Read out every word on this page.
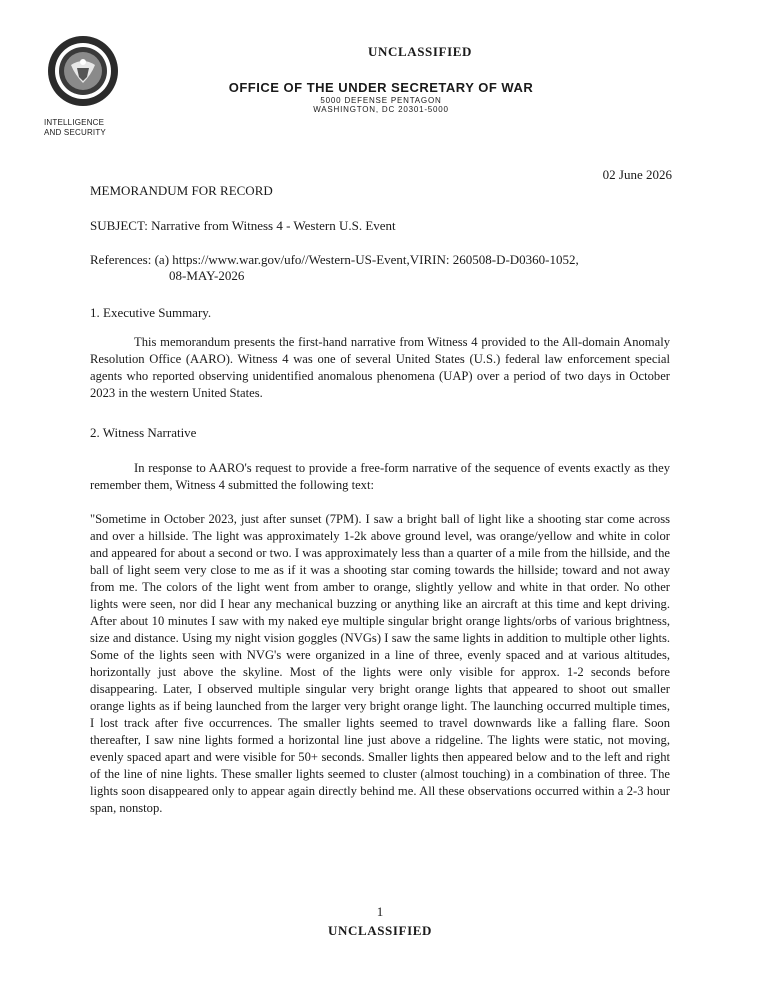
INTELLIGENCE
AND SECURITY
UNCLASSIFIED
OFFICE OF THE UNDER SECRETARY OF WAR
5000 DEFENSE PENTAGON
WASHINGTON, DC 20301-5000
02 June 2026
MEMORANDUM FOR RECORD
SUBJECT: Narrative from Witness 4 - Western U.S. Event
References: (a) https://www.war.gov/ufo//Western-US-Event,VIRIN: 260508-D-D0360-1052,
08-MAY-2026
1. Executive Summary.
This memorandum presents the first-hand narrative from Witness 4 provided to the All-domain Anomaly Resolution Office (AARO). Witness 4 was one of several United States (U.S.) federal law enforcement special agents who reported observing unidentified anomalous phenomena (UAP) over a period of two days in October 2023 in the western United States.
2. Witness Narrative
In response to AARO's request to provide a free-form narrative of the sequence of events exactly as they remember them, Witness 4 submitted the following text:
"Sometime in October 2023, just after sunset (7PM). I saw a bright ball of light like a shooting star come across and over a hillside. The light was approximately 1-2k above ground level, was orange/yellow and white in color and appeared for about a second or two. I was approximately less than a quarter of a mile from the hillside, and the ball of light seem very close to me as if it was a shooting star coming towards the hillside; toward and not away from me. The colors of the light went from amber to orange, slightly yellow and white in that order. No other lights were seen, nor did I hear any mechanical buzzing or anything like an aircraft at this time and kept driving. After about 10 minutes I saw with my naked eye multiple singular bright orange lights/orbs of various brightness, size and distance. Using my night vision goggles (NVGs) I saw the same lights in addition to multiple other lights. Some of the lights seen with NVG's were organized in a line of three, evenly spaced and at various altitudes, horizontally just above the skyline. Most of the lights were only visible for approx. 1-2 seconds before disappearing. Later, I observed multiple singular very bright orange lights that appeared to shoot out smaller orange lights as if being launched from the larger very bright orange light. The launching occurred multiple times, I lost track after five occurrences. The smaller lights seemed to travel downwards like a falling flare. Soon thereafter, I saw nine lights formed a horizontal line just above a ridgeline. The lights were static, not moving, evenly spaced apart and were visible for 50+ seconds. Smaller lights then appeared below and to the left and right of the line of nine lights. These smaller lights seemed to cluster (almost touching) in a combination of three. The lights soon disappeared only to appear again directly behind me. All these observations occurred within a 2-3 hour span, nonstop.
1
UNCLASSIFIED
